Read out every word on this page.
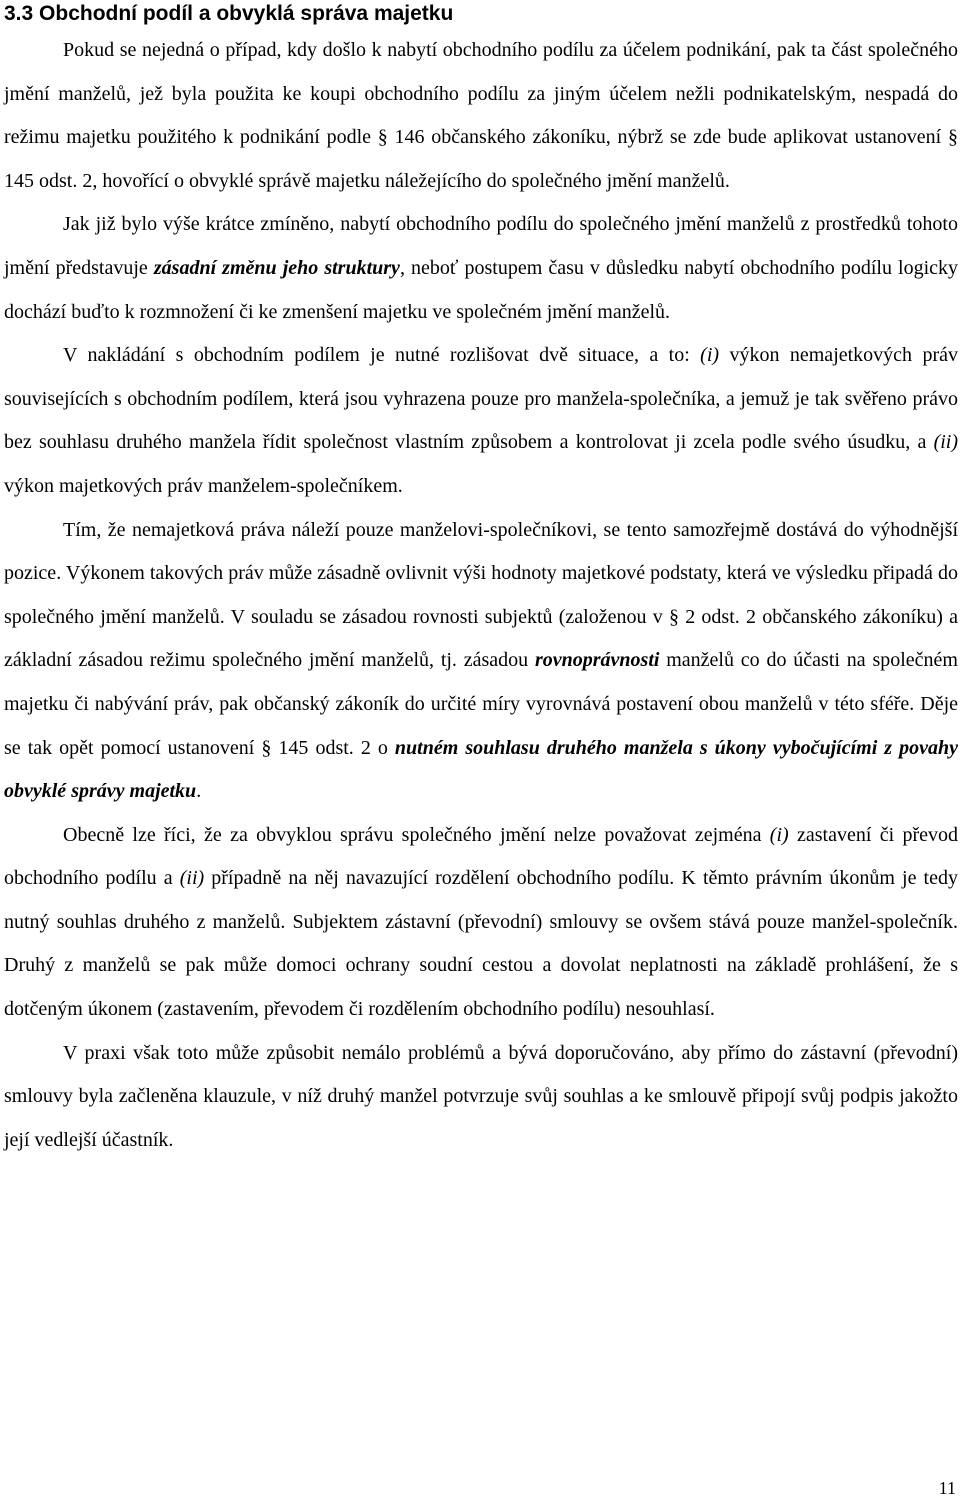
3.3 Obchodní podíl a obvyklá správa majetku

Pokud se nejedná o případ, kdy došlo k nabytí obchodního podílu za účelem podnikání, pak ta část společného jmění manželů, jež byla použita ke koupi obchodního podílu za jiným účelem nežli podnikatelským, nespadá do režimu majetku použitého k podnikání podle § 146 občanského zákoníku, nýbrž se zde bude aplikovat ustanovení § 145 odst. 2, hovořící o obvyklé správě majetku náležejícího do společného jmění manželů.

Jak již bylo výše krátce zmíněno, nabytí obchodního podílu do společného jmění manželů z prostředků tohoto jmění představuje zásadní změnu jeho struktury, neboť postupem času v důsledku nabytí obchodního podílu logicky dochází buďto k rozmnožení či ke zmenšení majetku ve společném jmění manželů.

V nakládání s obchodním podílem je nutné rozlišovat dvě situace, a to: (i) výkon nemajetkových práv souvisejících s obchodním podílem, která jsou vyhrazena pouze pro manžela-společníka, a jemuž je tak svěřeno právo bez souhlasu druhého manžela řídit společnost vlastním způsobem a kontrolovat ji zcela podle svého úsudku, a (ii) výkon majetkových práv manželem-společníkem.

Tím, že nemajetková práva náleží pouze manželovi-společníkovi, se tento samozřejmě dostává do výhodnější pozice. Výkonem takových práv může zásadně ovlivnit výši hodnoty majetkové podstaty, která ve výsledku připadá do společného jmění manželů. V souladu se zásadou rovnosti subjektů (založenou v § 2 odst. 2 občanského zákoníku) a základní zásadou režimu společného jmění manželů, tj. zásadou rovnoprávnosti manželů co do účasti na společném majetku či nabývání práv, pak občanský zákoník do určité míry vyrovnává postavení obou manželů v této sféře. Děje se tak opět pomocí ustanovení § 145 odst. 2 o nutném souhlasu druhého manžela s úkony vybočujícími z povahy obvyklé správy majetku.

Obecně lze říci, že za obvyklou správu společného jmění nelze považovat zejména (i) zastavení či převod obchodního podílu a (ii) případně na něj navazující rozdělení obchodního podílu. K těmto právním úkonům je tedy nutný souhlas druhého z manželů. Subjektem zástavní (převodní) smlouvy se ovšem stává pouze manžel-společník. Druhý z manželů se pak může domoci ochrany soudní cestou a dovolat neplatnosti na základě prohlášení, že s dotčeným úkonem (zastavením, převodem či rozdělením obchodního podílu) nesouhlasí.

V praxi však toto může způsobit nemálo problémů a bývá doporučováno, aby přímo do zástavní (převodní) smlouvy byla začleněna klauzule, v níž druhý manžel potvrzuje svůj souhlas a ke smlouvě připojí svůj podpis jakožto její vedlejší účastník.

11
